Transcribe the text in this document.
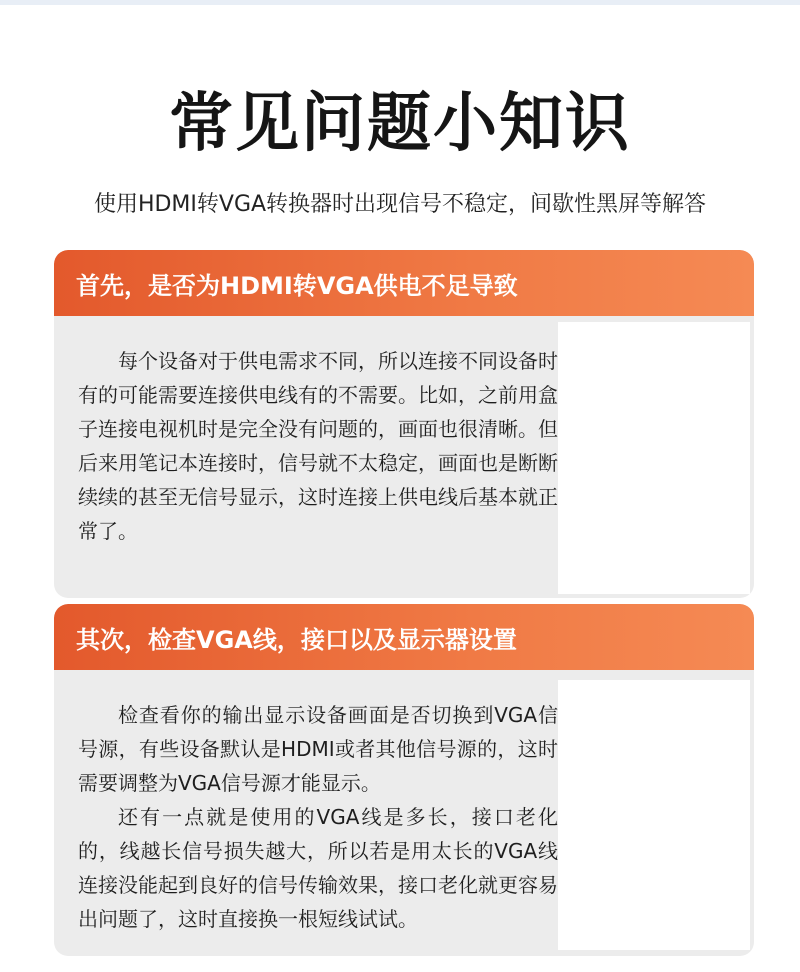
常见问题小知识
使用HDMI转VGA转换器时出现信号不稳定，间歇性黑屏等解答
首先，是否为HDMI转VGA供电不足导致

每个设备对于供电需求不同，所以连接不同设备时有的可能需要连接供电线有的不需要。比如，之前用盒子连接电视机时是完全没有问题的，画面也很清晰。但后来用笔记本连接时，信号就不太稳定，画面也是断断续续的甚至无信号显示，这时连接上供电线后基本就正常了。

其次，检查VGA线，接口以及显示器设置

检查看你的输出显示设备画面是否切换到VGA信号源，有些设备默认是HDMI或者其他信号源的，这时需要调整为VGA信号源才能显示。

还有一点就是使用的VGA线是多长，接口老化的，线越长信号损失越大，所以若是用太长的VGA线连接没能起到良好的信号传输效果，接口老化就更容易出问题了，这时直接换一根短线试试。
